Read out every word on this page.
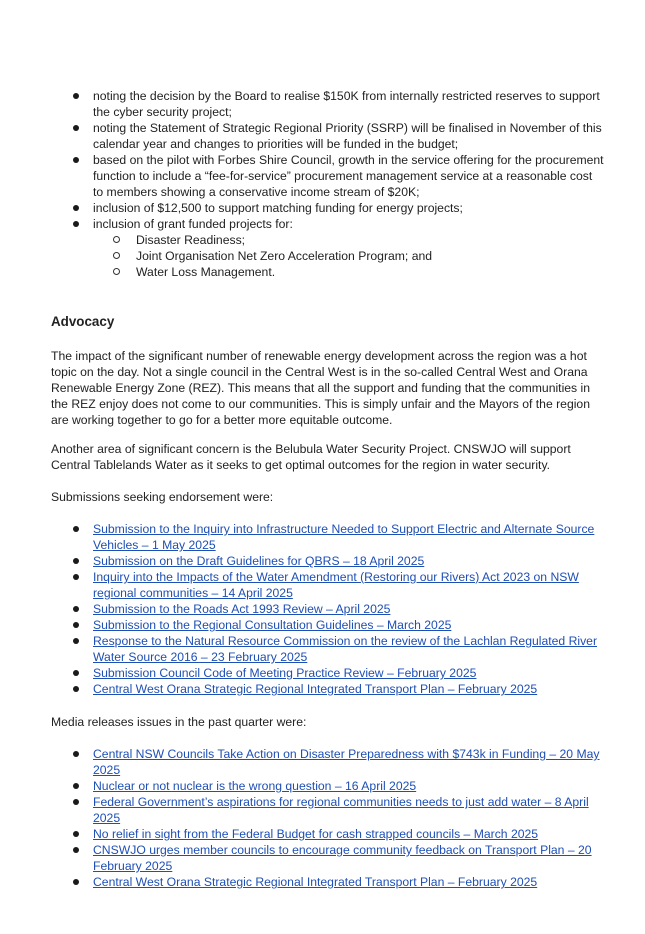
noting the decision by the Board to realise $150K from internally restricted reserves to support the cyber security project;
noting the Statement of Strategic Regional Priority (SSRP) will be finalised in November of this calendar year and changes to priorities will be funded in the budget;
based on the pilot with Forbes Shire Council, growth in the service offering for the procurement function to include a “fee-for-service” procurement management service at a reasonable cost to members showing a conservative income stream of $20K;
inclusion of $12,500 to support matching funding for energy projects;
inclusion of grant funded projects for:
Disaster Readiness;
Joint Organisation Net Zero Acceleration Program; and
Water Loss Management.
Advocacy

The impact of the significant number of renewable energy development across the region was a hot topic on the day. Not a single council in the Central West is in the so-called Central West and Orana Renewable Energy Zone (REZ). This means that all the support and funding that the communities in the REZ enjoy does not come to our communities. This is simply unfair and the Mayors of the region are working together to go for a better more equitable outcome.

Another area of significant concern is the Belubula Water Security Project. CNSWJO will support Central Tablelands Water as it seeks to get optimal outcomes for the region in water security.

Submissions seeking endorsement were:

Submission to the Inquiry into Infrastructure Needed to Support Electric and Alternate Source Vehicles – 1 May 2025
Submission on the Draft Guidelines for QBRS – 18 April 2025
Inquiry into the Impacts of the Water Amendment (Restoring our Rivers) Act 2023 on NSW regional communities – 14 April 2025
Submission to the Roads Act 1993 Review – April 2025
Submission to the Regional Consultation Guidelines – March 2025
Response to the Natural Resource Commission on the review of the Lachlan Regulated River Water Source 2016 – 23 February 2025
Submission Council Code of Meeting Practice Review – February 2025
Central West Orana Strategic Regional Integrated Transport Plan – February 2025

Media releases issues in the past quarter were:

Central NSW Councils Take Action on Disaster Preparedness with $743k in Funding – 20 May 2025
Nuclear or not nuclear is the wrong question – 16 April 2025
Federal Government’s aspirations for regional communities needs to just add water – 8 April 2025
No relief in sight from the Federal Budget for cash strapped councils – March 2025
CNSWJO urges member councils to encourage community feedback on Transport Plan – 20 February 2025
Central West Orana Strategic Regional Integrated Transport Plan – February 2025
